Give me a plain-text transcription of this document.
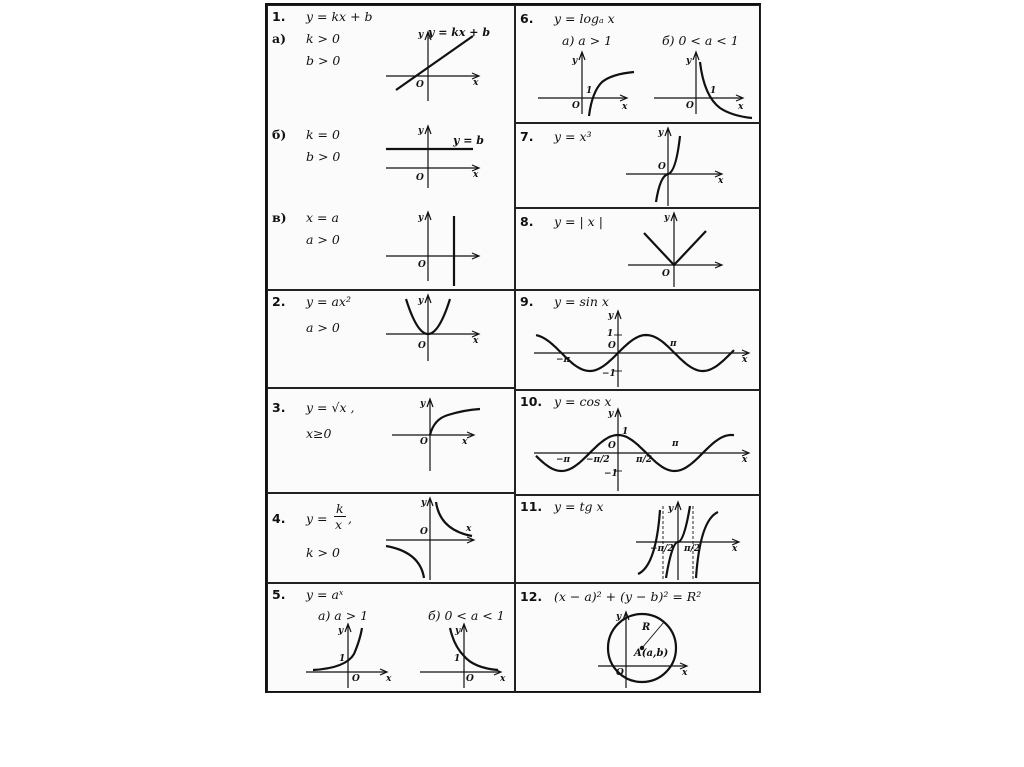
1. y = kx + b
а) k > 0
b > 0
y = kx + b
x
y
O
б) k = 0
b > 0
y = b
x
y
O
в) x = a
a > 0
y
O
2. y = ax²
a > 0
x
y
O
3. y = √x ,
x≥0
x
y
O
4. y =
k
x ,
k > 0
x
y
O
5. y = aˣ
а) a > 1	б) 0 < a < 1
1
x
y
O
1
x
y
O
6. y = logₐ x
а) a > 1	б) 0 < a < 1
1
x
y
O
1
x
y
O
7. y = x³
x
y
O
8. y = | x |	y
O
9. y = sin x
1
−1
π
−π	x
y
O
10. y = cos x
1
−1
π
−π −π/2	π/2	x
y
O
11. y = tg x
−π/2 π/2	x
y
12. (x − a)² + (y − b)² = R²
R
A(a,b)
x
y
O
